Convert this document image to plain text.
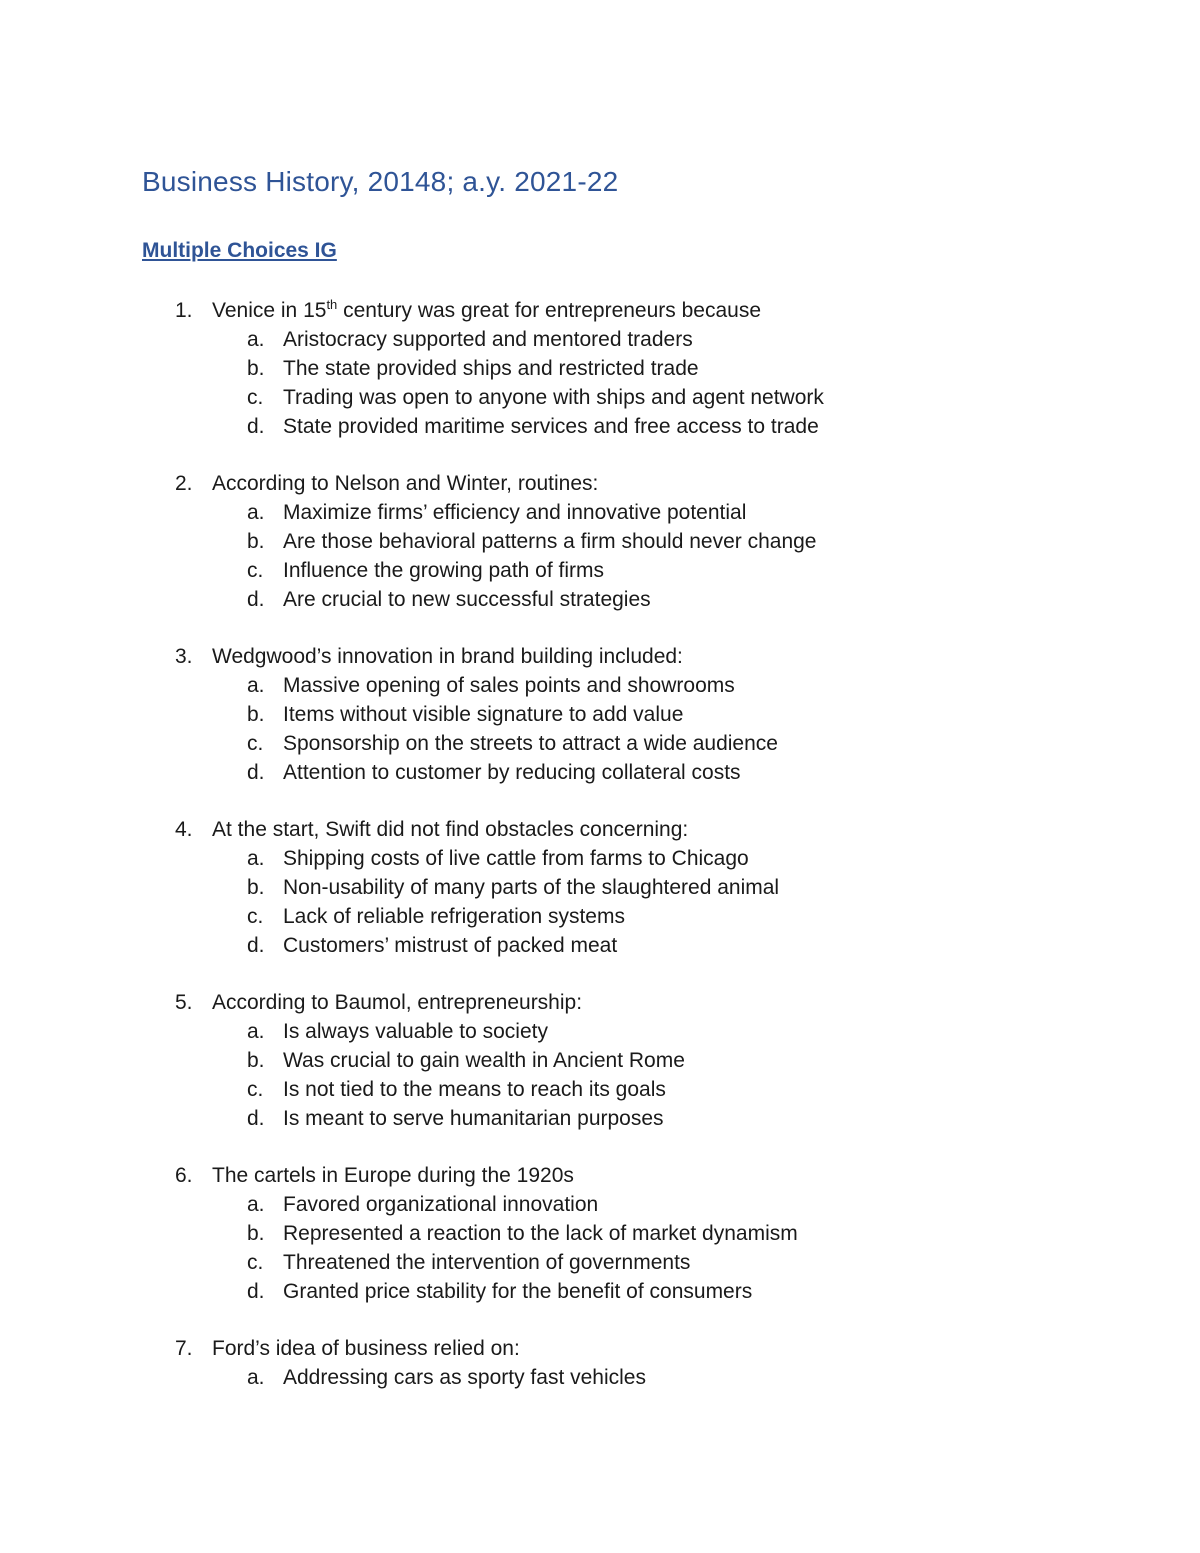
Business History, 20148; a.y. 2021-22
Multiple Choices IG
1. Venice in 15th century was great for entrepreneurs because
a. Aristocracy supported and mentored traders
b. The state provided ships and restricted trade
c. Trading was open to anyone with ships and agent network
d. State provided maritime services and free access to trade
2. According to Nelson and Winter, routines:
a. Maximize firms’ efficiency and innovative potential
b. Are those behavioral patterns a firm should never change
c. Influence the growing path of firms
d. Are crucial to new successful strategies
3. Wedgwood’s innovation in brand building included:
a. Massive opening of sales points and showrooms
b. Items without visible signature to add value
c. Sponsorship on the streets to attract a wide audience
d. Attention to customer by reducing collateral costs
4. At the start, Swift did not find obstacles concerning:
a. Shipping costs of live cattle from farms to Chicago
b. Non-usability of many parts of the slaughtered animal
c. Lack of reliable refrigeration systems
d. Customers’ mistrust of packed meat
5. According to Baumol, entrepreneurship:
a. Is always valuable to society
b. Was crucial to gain wealth in Ancient Rome
c. Is not tied to the means to reach its goals
d. Is meant to serve humanitarian purposes
6. The cartels in Europe during the 1920s
a. Favored organizational innovation
b. Represented a reaction to the lack of market dynamism
c. Threatened the intervention of governments
d. Granted price stability for the benefit of consumers
7. Ford’s idea of business relied on:
a. Addressing cars as sporty fast vehicles
